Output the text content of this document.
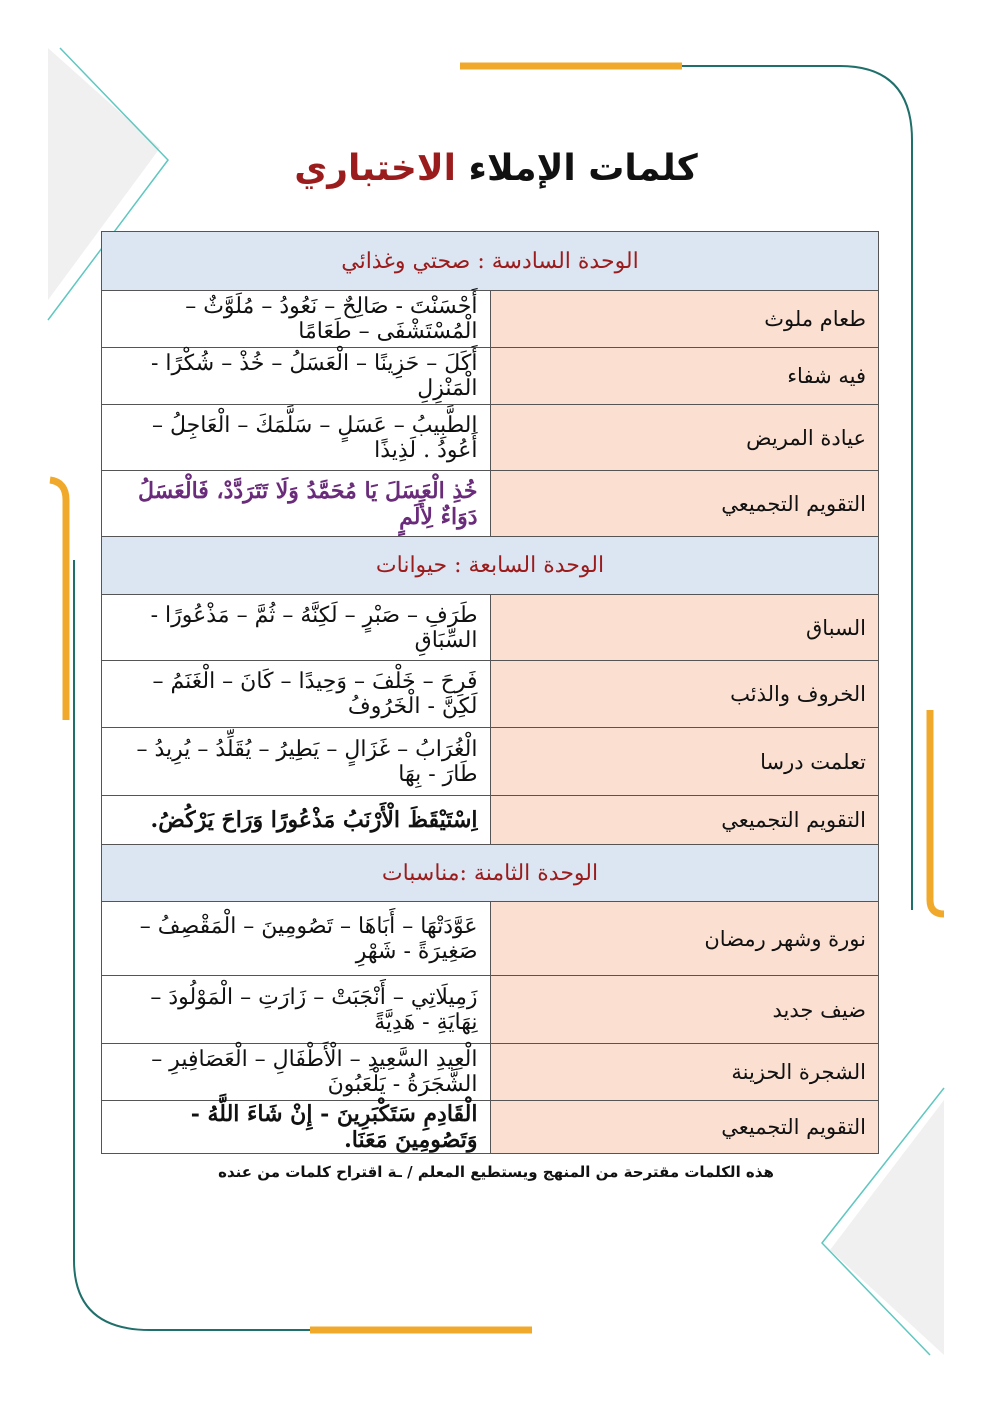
كلمات الإملاء الاختباري
الوحدة السادسة : صحتي وغذائي	
طعام ملوث	أَحْسَنْتَ - صَالِحٌ – نَعُودُ – مُلَوَّثٌ – الْمُسْتَشْفَى – طَعَامًا
فيه شفاء	أَكَلَ – حَزِينًا – الْعَسَلُ – خُذْ – شُكْرًا - الْمَنْزِلِ
عيادة المريض	الطَّبِيبُ – عَسَلٍ – سَلَّمَكَ – الْعَاجِلُ – أَعُودُ . لَذِيذًا
التقويم التجميعي	خُذِ الْعَسَلَ يَا مُحَمَّدُ وَلَا تَتَرَدَّدْ، فَالْعَسَلُ دَوَاءٌ لِأَلَمٍ
الوحدة السابعة : حيوانات	
السباق	طَرَفِ – صَبْرٍ – لَكِنَّهُ – ثُمَّ – مَذْعُورًا - السِّبَاقِ
الخروف والذئب	فَرِحَ – خَلْفَ – وَحِيدًا – كَانَ – الْغَنَمُ – لَكِنَّ - الْخَرُوفُ
تعلمت درسا	الْغُرَابُ – غَزَالٍ – يَطِيرُ – يُقَلِّدُ – يُرِيدُ – طَارَ - بِهَا
التقويم التجميعي	اِسْتَيْقَظَ الْأَرْنَبُ مَذْعُورًا وَرَاحَ يَرْكُضُ.
الوحدة الثامنة :مناسبات	
نورة وشهر رمضان	عَوَّدَتْهَا – أَبَاهَا – تَصُومِينَ – الْمَقْصِفُ – صَغِيرَةً - شَهْرِ
ضيف جديد	زَمِيلَاتِي – أَنْجَبَتْ – زَارَتِ – الْمَوْلُودَ – نِهَايَةِ - هَدِيَّةً
الشجرة الحزينة	الْعِيدِ السَّعِيدِ – الْأَطْفَالِ – الْعَصَافِيرِ – الشَّجَرَةُ - يَلْعَبُونَ
التقويم التجميعي	الْقَادِمِ سَتَكْبَرِينَ - إِنْ شَاءَ اللَّهُ - وَتَصُومِينَ مَعَنَا.
هذه الكلمات مقترحة من المنهج ويستطيع المعلم / ـة اقتراح كلمات من عنده
